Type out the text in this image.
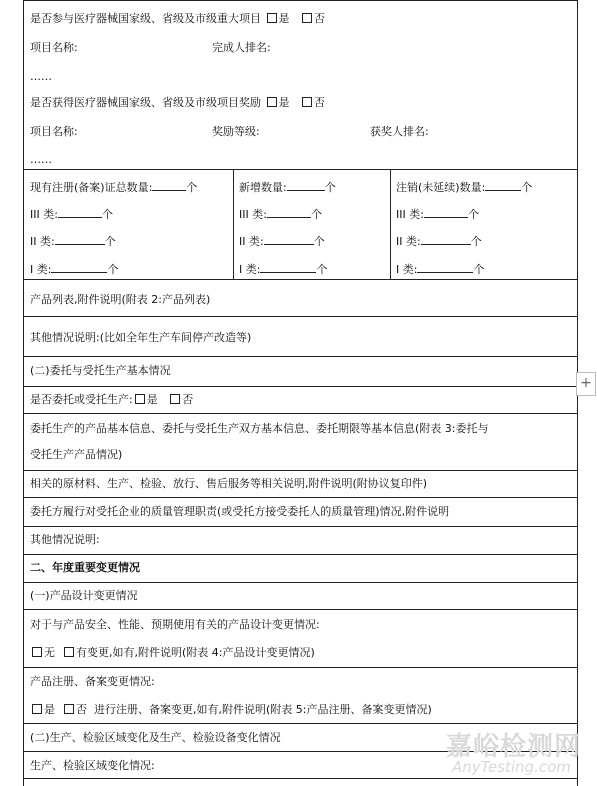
是否参与医疗器械国家级、省级及市级重大项目 是 否
项目名称:	完成人排名:
……
是否获得医疗器械国家级、省级及市级项目奖励 是 否
项目名称:	奖励等级:	获奖人排名:
……
现有注册(备案)证总数量:	个
III 类:	个
II 类:	个
I 类:	个
新增数量:	个
III 类:	个
II 类:	个
I 类:	个
注销(未延续)数量:	个
III 类:	个
II 类:	个
I 类:	个
产品列表,附件说明(附表 2:产品列表)
其他情况说明:(比如全年生产车间停产改造等)
(二)委托与受托生产基本情况
是否委托或受托生产: 是 否
委托生产的产品基本信息、委托与受托生产双方基本信息、委托期限等基本信息(附表 3:委托与
受托生产产品情况)
相关的原材料、生产、检验、放行、售后服务等相关说明,附件说明(附协议复印件)
委托方履行对受托企业的质量管理职责(或受托方接受委托人的质量管理)情况,附件说明
其他情况说明:
二、年度重要变更情况
(一)产品设计变更情况
对于与产品安全、性能、预期使用有关的产品设计变更情况:
无 有变更,如有,附件说明(附表 4:产品设计变更情况)
产品注册、备案变更情况:
是 否 进行注册、备案变更,如有,附件说明(附表 5:产品注册、备案变更情况)
(二)生产、检验区域变化及生产、检验设备变化情况
生产、检验区域变化情况:
+
嘉峪检测网
AnyTesting.com
